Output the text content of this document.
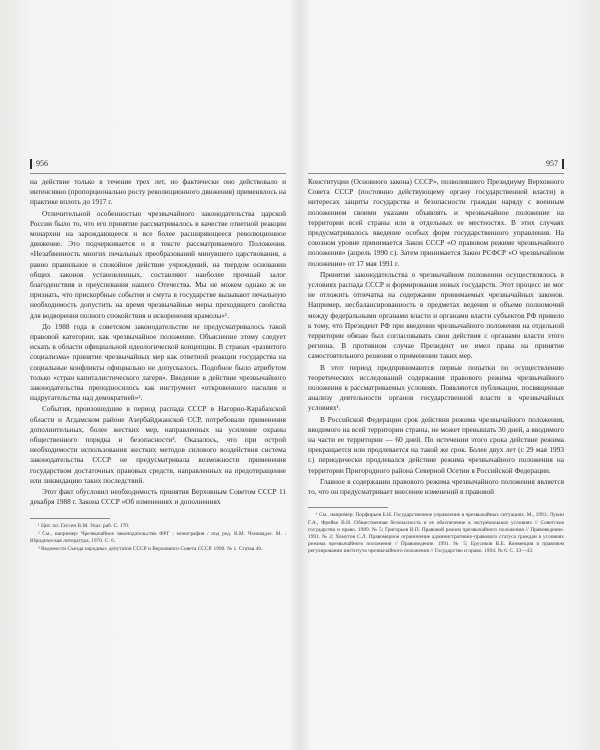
956

на действие только в течение трех лет, но фактически оно действовало и интенсивно (пропорционально росту революционного движения) применялось на практике вплоть до 1917 г.

Отличительной особенностью чрезвычайного законодательства царской России было то, что его принятие рассматривалось в качестве ответной реакции монархии на зарождающееся и все более расширяющееся революционное движение. Это подчеркивается и в тексте рассматриваемого Положения. «Незабвенность многих печальных преобразований минувшего царствования, а равно правильное и спокойное действие учреждений, на твердом основании общих законов установленных, составляют наиболее прочный залог благоденствия и преуспевания нашего Отечества. Мы не можем однако ж не признать, что прискорбные события и смута в государстве вызывают печальную необходимость допустить на время чрезвычайные меры преходящего свойства для водворения полного спокойствия и искоренения крамолы»¹.

До 1988 года в советском законодательстве не предусматривалось такой правовой категории, как чрезвычайное положение. Объяснение этому следует искать в области официальной идеологической концепции. В странах «развитого социализма» принятие чрезвычайных мер как ответной реакции государства на социальные конфликты официально не допускалось. Подобное было атрибутом только «стран капиталистического лагеря». Введение в действие чрезвычайного законодательства преподносилось как инструмент «откровенного насилия и надругательства над демократией»².

События, произошедшие в период распада СССР в Нагорно-Карабахской области и Агдамском районе Азербайджанской ССР, потребовали применения дополнительных, более жестких мер, направленных на усиление охраны общественного порядка и безопасности³. Оказалось, что при острой необходимости использования жестких методов силового воздействия система законодательства СССР не предусматривала возможности применения государством достаточных правовых средств, направленных на предотвращение или ликвидацию таких последствий.

Этот факт обусловил необходимость принятия Верховным Советом СССР 11 декабря 1988 г. Закона СССР «Об изменениях и дополнениях

¹ Цит. по: Гессен В.М. Указ. раб. С. 170.

² См., например: Чрезвычайное законодательство ФРГ : монография / под ред. В.М. Чхиквадзе. М. : Юридическая литература, 1970. С. 6.

³ Ведомости Съезда народных депутатов СССР и Верховного Совета СССР. 1990. № 1. Статья 40.

957

Конституции (Основного закона) СССР», позволившего Президиуму Верховного Совета СССР (постоянно действующему органу государственной власти) в интересах защиты государства и безопасности граждан наряду с военным положением своими указами объявлять и чрезвычайное положение на территории всей страны или в отдельных ее местностях. В этих случаях предусматривалось введение особых форм государственного управления. На союзном уровне принимается Закон СССР «О правовом режиме чрезвычайного положения» (апрель 1990 г.). Затем принимается Закон РСФСР «О чрезвычайном положении» от 17 мая 1991 г.

Принятие законодательства о чрезвычайном положении осуществлялось в условиях распада СССР и формирования новых государств. Этот процесс не мог не отложить отпечатка на содержание принимаемых чрезвычайных законов. Например, несбалансированность в предметах ведения и объеме полномочий между федеральными органами власти и органами власти субъектов РФ привело к тому, что Президент РФ при введении чрезвычайного положения на отдельной территории обязан был согласовывать свои действия с органами власти этого региона. В противном случае Президент не имел права на принятие самостоятельного решения о применении таких мер.

В этот период предпринимаются первые попытки по осуществлению теоретических исследований содержания правового режима чрезвычайного положения в рассматриваемых условиях. Появляются публикации, посвященные анализу деятельности органов государственной власти в чрезвычайных условиях¹.

В Российской Федерации срок действия режима чрезвычайного положения, вводимого на всей территории страны, не может превышать 30 дней, а вводимого на части ее территории — 60 дней. По истечении этого срока действие режима прекращается или продлевается на такой же срок. Более двух лет (с 29 мая 1993 г.) периодически продлевался действие режима чрезвычайного положения на территории Пригородного района Северной Осетии в Российской Федерации.

Главное в содержании правового режима чрезвычайного положения является то, что он предусматривает внесение изменений в правовой

¹ См., например: Порфирьев Б.Н. Государственное управление в чрезвычайных ситуациях. М., 1991; Лукин Г.А., Фрейко В.Н. Общественная безопасность и ее обеспечение в экстремальных условиях // Советское государство и право. 1989. № 5; Григорьев В.П. Правовой режим чрезвычайного положения // Правоведение. 1991. № 2; Хомутов С.Л. Правомерное ограничение административно-правового статуса граждан в условиях режима чрезвычайного положения // Правоведение. 1991. № 5; Ерусиков В.Е. Конвенция в правовом регулировании института чрезвычайного положения // Государство и право. 1994. № 6. С. 33—43.
